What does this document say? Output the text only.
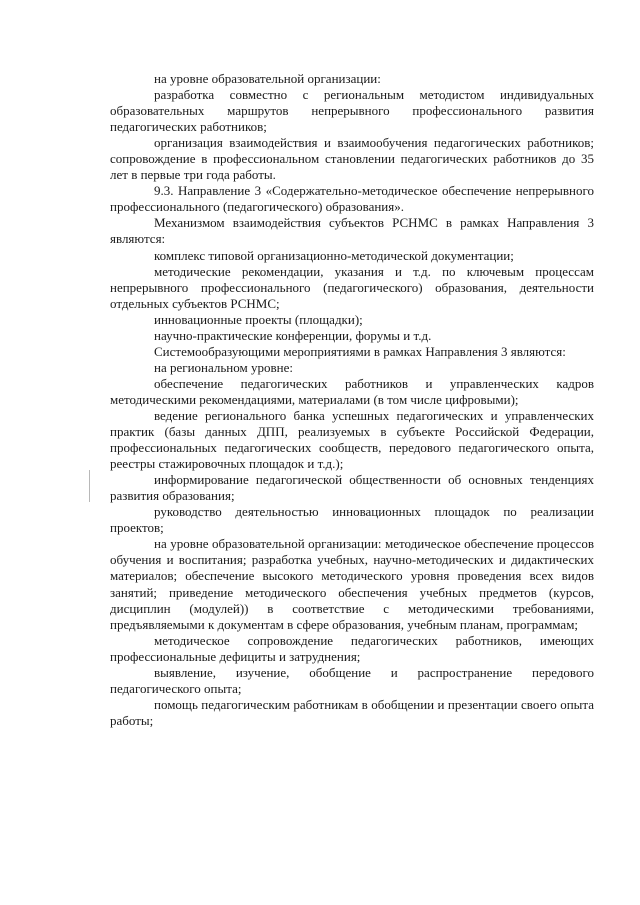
на уровне образовательной организации:

разработка совместно с региональным методистом индивидуальных образовательных маршрутов непрерывного профессионального развития педагогических работников;

организация взаимодействия и взаимообучения педагогических работников; сопровождение в профессиональном становлении педагогических работников до 35 лет в первые три года работы.

9.3. Направление 3 «Содержательно-методическое обеспечение непрерывного профессионального (педагогического) образования».

Механизмом взаимодействия субъектов РСНМС в рамках Направления 3 являются:

комплекс типовой организационно-методической документации;

методические рекомендации, указания и т.д. по ключевым процессам непрерывного профессионального (педагогического) образования, деятельности отдельных субъектов РСНМС;

инновационные проекты (площадки);

научно-практические конференции, форумы и т.д.

Системообразующими мероприятиями в рамках Направления 3 являются:

на региональном уровне:

обеспечение педагогических работников и управленческих кадров методическими рекомендациями, материалами (в том числе цифровыми);

ведение регионального банка успешных педагогических и управленческих практик (базы данных ДПП, реализуемых в субъекте Российской Федерации, профессиональных педагогических сообществ, передового педагогического опыта, реестры стажировочных площадок и т.д.);

информирование педагогической общественности об основных тенденциях развития образования;

руководство деятельностью инновационных площадок по реализации проектов;

на уровне образовательной организации: методическое обеспечение процессов обучения и воспитания; разработка учебных, научно-методических и дидактических материалов; обеспечение высокого методического уровня проведения всех видов занятий; приведение методического обеспечения учебных предметов (курсов, дисциплин (модулей)) в соответствие с методическими требованиями, предъявляемыми к документам в сфере образования, учебным планам, программам;

методическое сопровождение педагогических работников, имеющих профессиональные дефициты и затруднения;

выявление, изучение, обобщение и распространение передового педагогического опыта;

помощь педагогическим работникам в обобщении и презентации своего опыта работы;
